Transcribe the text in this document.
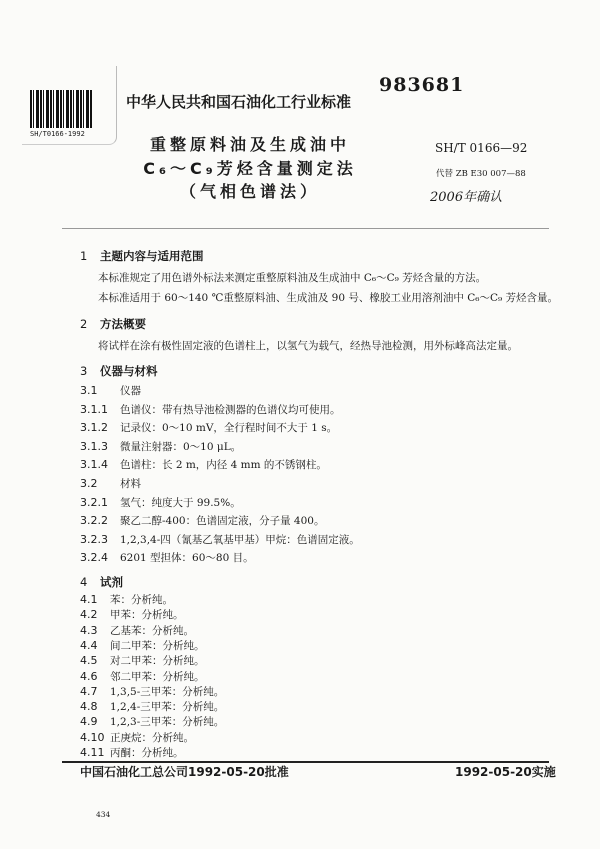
SH/T0166-1992
中华人民共和国石油化工行业标准
983681
重整原料油及生成油中
C₆～C₉芳烃含量测定法
（气相色谱法）
SH/T 0166—92
代替 ZB E30 007—88
2006年确认
1 主题内容与适用范围
本标准规定了用色谱外标法来测定重整原料油及生成油中 C₆～C₉ 芳烃含量的方法。
本标准适用于 60～140 ℃重整原料油、生成油及 90 号、橡胶工业用溶剂油中 C₆～C₉ 芳烃含量。
2 方法概要
将试样在涂有极性固定液的色谱柱上，以氢气为载气，经热导池检测，用外标峰高法定量。
3 仪器与材料
3.1 仪器
3.1.1 色谱仪：带有热导池检测器的色谱仪均可使用。
3.1.2 记录仪：0～10 mV，全行程时间不大于 1 s。
3.1.3 微量注射器：0～10 μL。
3.1.4 色谱柱：长 2 m，内径 4 mm 的不锈钢柱。
3.2 材料
3.2.1 氢气：纯度大于 99.5%。
3.2.2 聚乙二醇-400：色谱固定液，分子量 400。
3.2.3 1,2,3,4-四（氰基乙氧基甲基）甲烷：色谱固定液。
3.2.4 6201 型担体：60～80 目。
4 试剂
4.1 苯：分析纯。
4.2 甲苯：分析纯。
4.3 乙基苯：分析纯。
4.4 间二甲苯：分析纯。
4.5 对二甲苯：分析纯。
4.6 邻二甲苯：分析纯。
4.7 1,3,5-三甲苯：分析纯。
4.8 1,2,4-三甲苯：分析纯。
4.9 1,2,3-三甲苯：分析纯。
4.10 正庚烷：分析纯。
4.11 丙酮：分析纯。
中国石油化工总公司1992-05-20批准	1992-05-20实施
434
